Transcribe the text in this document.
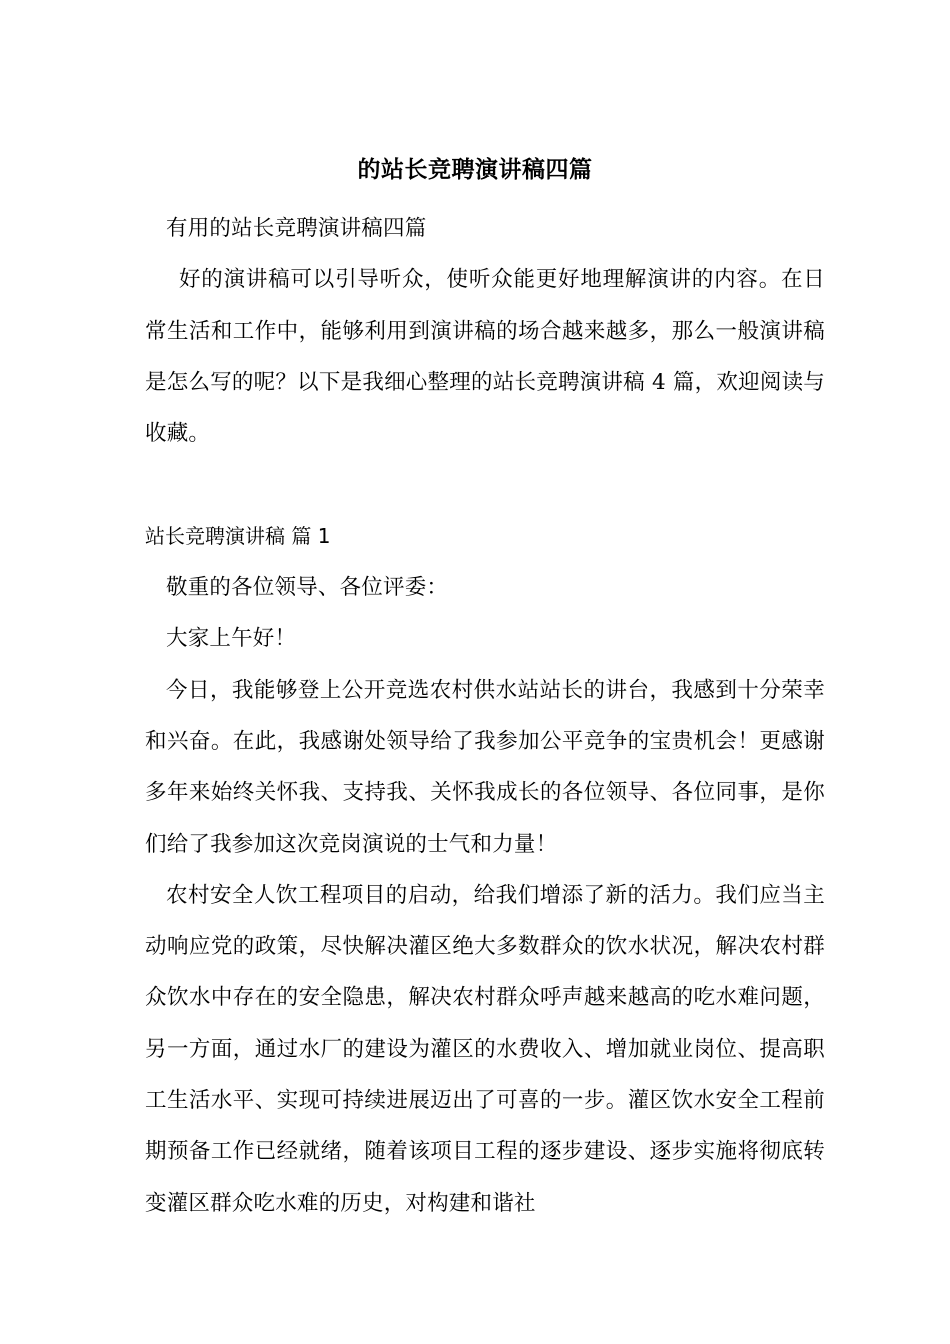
的站长竞聘演讲稿四篇

有用的站长竞聘演讲稿四篇

好的演讲稿可以引导听众，使听众能更好地理解演讲的内容。在日常生活和工作中，能够利用到演讲稿的场合越来越多，那么一般演讲稿是怎么写的呢？以下是我细心整理的站长竞聘演讲稿 4 篇，欢迎阅读与收藏。

站长竞聘演讲稿 篇 1

敬重的各位领导、各位评委：

大家上午好！

今日，我能够登上公开竞选农村供水站站长的讲台，我感到十分荣幸和兴奋。在此，我感谢处领导给了我参加公平竞争的宝贵机会！更感谢多年来始终关怀我、支持我、关怀我成长的各位领导、各位同事，是你们给了我参加这次竞岗演说的士气和力量！

农村安全人饮工程项目的启动，给我们增添了新的活力。我们应当主动响应党的政策，尽快解决灌区绝大多数群众的饮水状况，解决农村群众饮水中存在的安全隐患，解决农村群众呼声越来越高的吃水难问题，另一方面，通过水厂的建设为灌区的水费收入、增加就业岗位、提高职工生活水平、实现可持续进展迈出了可喜的一步。灌区饮水安全工程前期预备工作已经就绪，随着该项目工程的逐步建设、逐步实施将彻底转变灌区群众吃水难的历史，对构建和谐社
